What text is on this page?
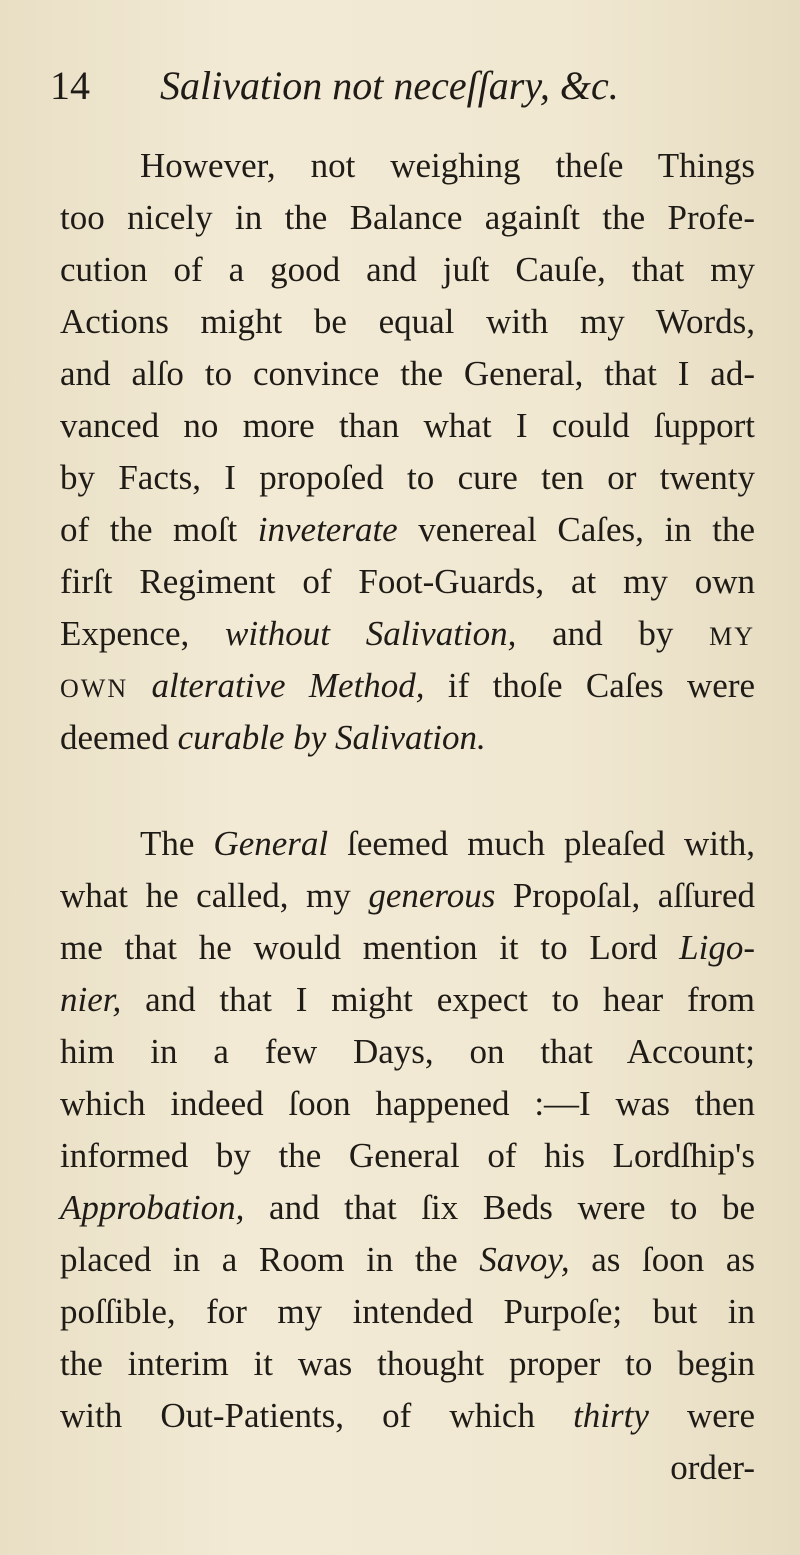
14 Salivation not neceſſary, &c.
However, not weighing theſe Things
too nicely in the Balance againſt the Profe-
cution of a good and juſt Cauſe, that my
Actions might be equal with my Words,
and alſo to convince the General, that I ad-
vanced no more than what I could ſupport
by Facts, I propoſed to cure ten or twenty
of the moſt inveterate venereal Caſes, in the
firſt Regiment of Foot-Guards, at my own
Expence, without Salivation, and by MY
OWN alterative Method, if thoſe Caſes were
deemed curable by Salivation.
The General ſeemed much pleaſed with,
what he called, my generous Propoſal, aſſured
me that he would mention it to Lord Ligo-
nier, and that I might expect to hear from
him in a few Days, on that Account;
which indeed ſoon happened :—I was then
informed by the General of his Lordſhip's
Approbation, and that ſix Beds were to be
placed in a Room in the Savoy, as ſoon as
poſſible, for my intended Purpoſe; but in
the interim it was thought proper to begin
with Out-Patients, of which thirty were
order-
